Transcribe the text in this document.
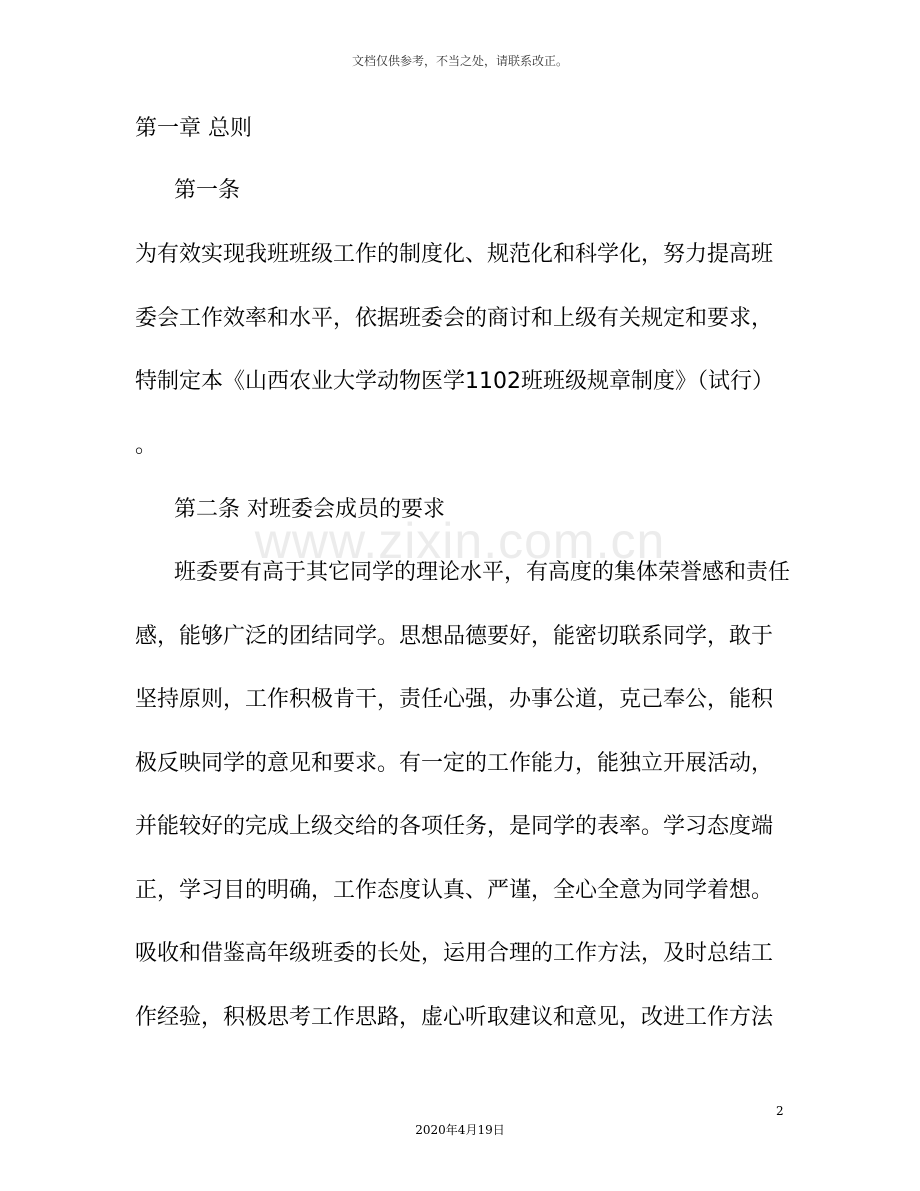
文档仅供参考，不当之处，请联系改正。
www.zixin.com.cn
第一章 总则
第一条
为有效实现我班班级工作的制度化、规范化和科学化，努力提高班
委会工作效率和水平，依据班委会的商讨和上级有关规定和要求，
特制定本《山西农业大学动物医学1102班班级规章制度》（试行）
。
第二条 对班委会成员的要求
班委要有高于其它同学的理论水平，有高度的集体荣誉感和责任
感，能够广泛的团结同学。思想品德要好，能密切联系同学，敢于
坚持原则，工作积极肯干，责任心强，办事公道，克己奉公，能积
极反映同学的意见和要求。有一定的工作能力，能独立开展活动，
并能较好的完成上级交给的各项任务，是同学的表率。学习态度端
正，学习目的明确，工作态度认真、严谨，全心全意为同学着想。
吸收和借鉴高年级班委的长处，运用合理的工作方法，及时总结工
作经验，积极思考工作思路，虚心听取建议和意见，改进工作方法
2
2020年4月19日
